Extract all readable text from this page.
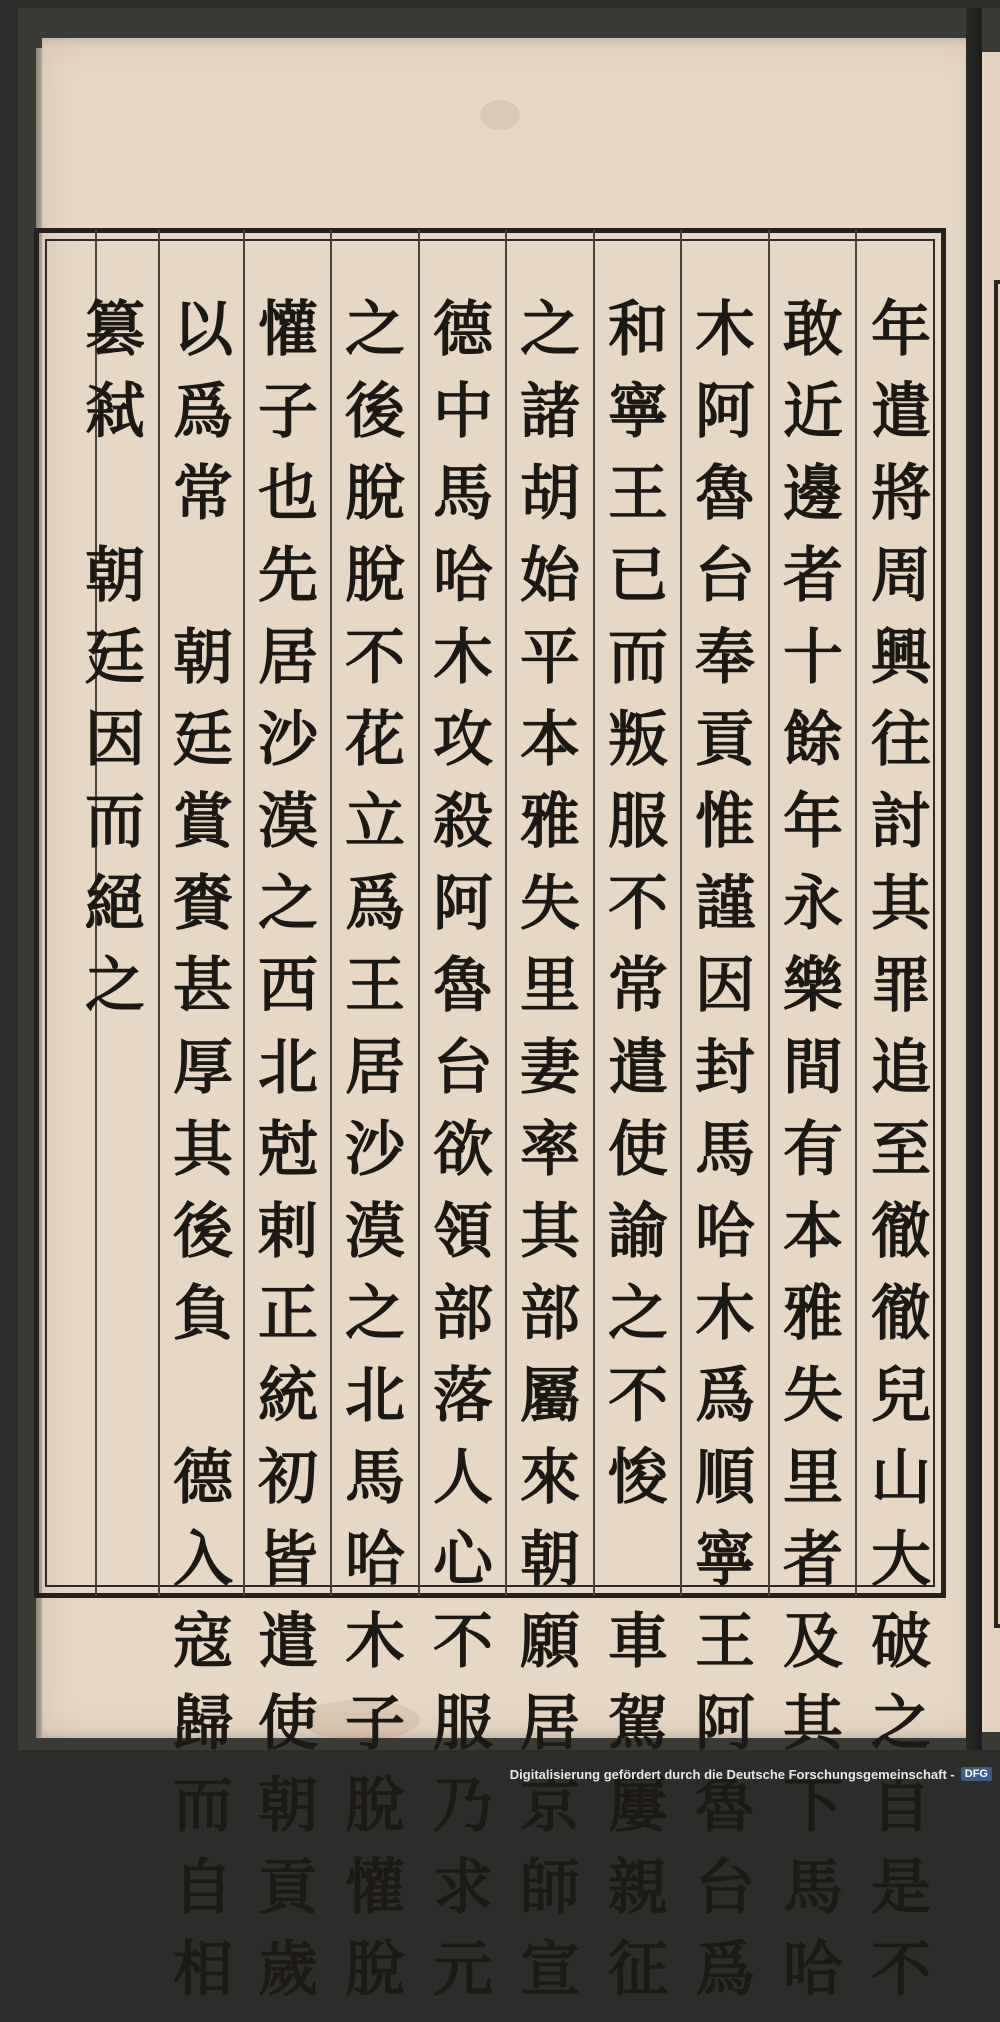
年
遣
將
周
興
往
討
其
罪
追
至
徹
徹
兒
山
大
破
之
自
是
不
敢
近
邊
者
十
餘
年
永
樂
間
有
本
雅
失
里
者
及
其
下
馬
哈
木
阿
魯
台
奉
貢
惟
謹
因
封
馬
哈
木
爲
順
寧
王
阿
魯
台
爲
和
寧
王
已
而
叛
服
不
常
遣
使
諭
之
不
悛

車
駕
屢
親
征
之
諸
胡
始
平
本
雅
失
里
妻
率
其
部
屬
來
朝
願
居
京
師
宣
德
中
馬
哈
木
攻
殺
阿
魯
台
欲
領
部
落
人
心
不
服
乃
求
元
之
後
脫
脫
不
花
立
爲
王
居
沙
漠
之
北
馬
哈
木
子
脫
懽
脫
懽
子
也
先
居
沙
漠
之
西
北
尅
剌
正
統
初
皆
遣
使
朝
貢
歲
以
爲
常

朝
廷
賞
賚
甚
厚
其
後
負

德
入
寇
歸
而
自
相
篡
弒

朝
廷
因
而
絕
之
Digitalisierung gefördert durch die Deutsche Forschungsgemeinschaft - DFG
